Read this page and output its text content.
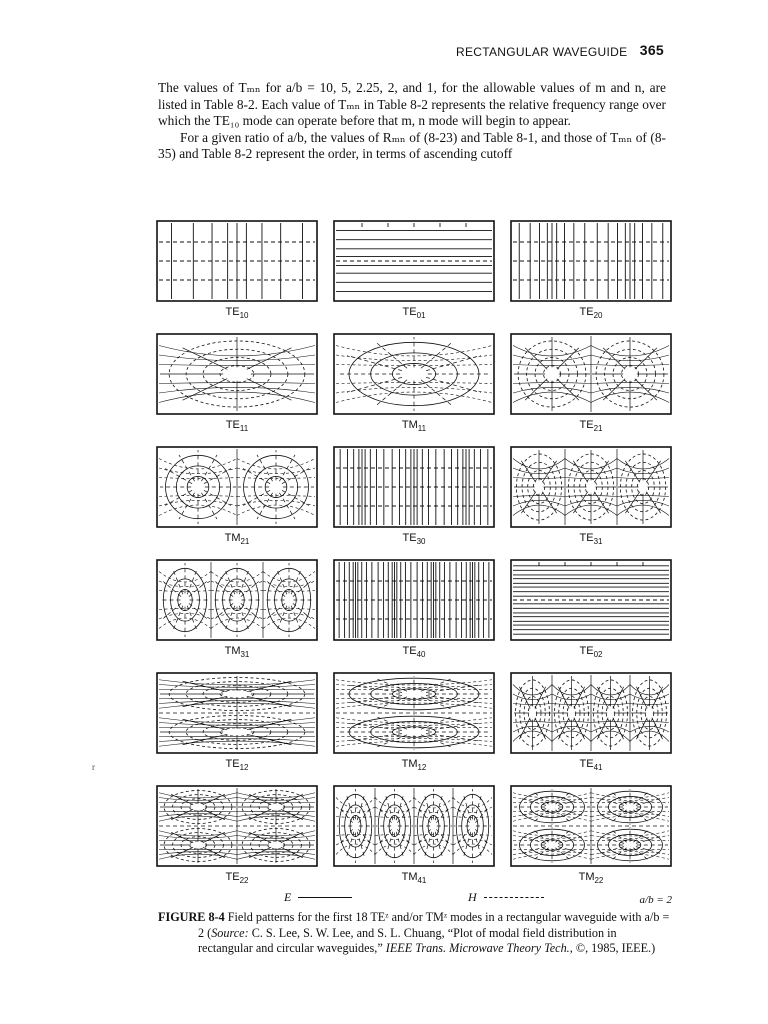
RECTANGULAR WAVEGUIDE 365

The values of Tₘₙ for a/b = 10, 5, 2.25, 2, and 1, for the allowable values of m and n, are listed in Table 8-2. Each value of Tₘₙ in Table 8-2 represents the relative frequency range over which the TE₁₀ mode can operate before that m, n mode will begin to appear.

For a given ratio of a/b, the values of Rₘₙ of (8-23) and Table 8-1, and those of Tₘₙ of (8-35) and Table 8-2 represent the order, in terms of ascending cutoff

$TE_{10}$	$TE_{01}$	$TE_{20}$
$TE_{11}$	$TM_{11}$	$TE_{21}$
$TM_{21}$	$TE_{30}$	$TE_{31}$
$TM_{31}$	$TE_{40}$	$TE_{02}$
$TE_{12}$	$TM_{12}$	$TE_{41}$
$TE_{22}$	$TM_{41}$	$TM_{22}$
r
E	H	a/b = 2
FIGURE 8-4 Field patterns for the first 18 TEᶻ and/or TMᶻ modes in a rectangular waveguide with a/b = 2 (Source: C. S. Lee, S. W. Lee, and S. L. Chuang, “Plot of modal field distribution in rectangular and circular waveguides,” IEEE Trans. Microwave Theory Tech., ©, 1985, IEEE.)
